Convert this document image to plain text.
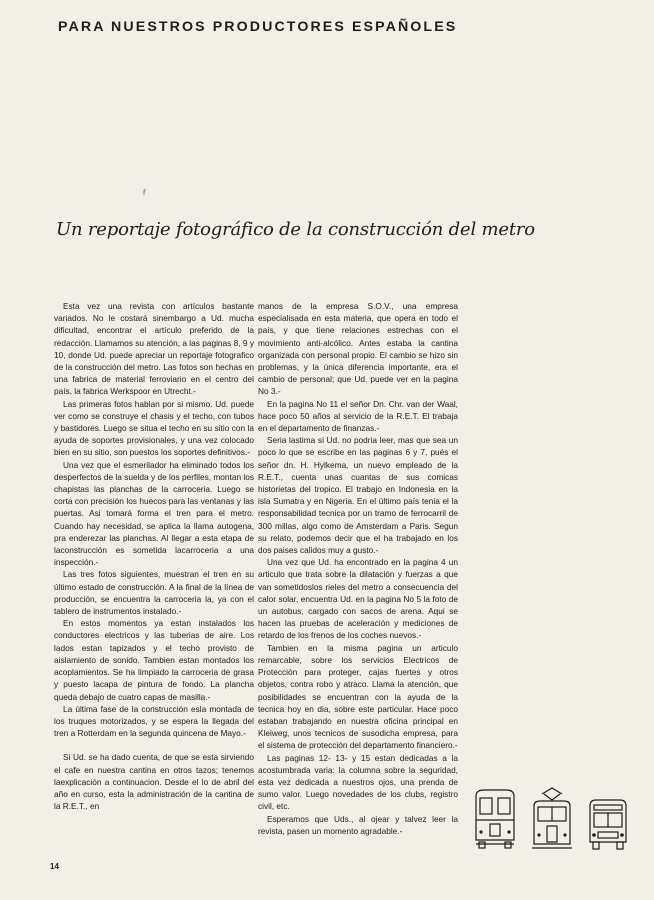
PARA NUESTROS PRODUCTORES ESPAÑOLES
ŕ
Un reportaje fotográfico de la construcción del metro

Esta vez una revista con artículos bastante variados. No le costará sinembargo a Ud. mucha dificultad, encontrar el artículo preferido de la redacción. Llamamos su atención, a las paginas 8, 9 y 10, donde Ud. puede apreciar un reportaje fotografico de la construcción del metro. Las fotos son hechas en una fabrica de material ferroviario en el centro del país, la fabrica Werkspoor en Utrecht.-

Las primeras fotos hablan por si mismo. Ud. puede ver como se construye el chasis y el techo, con tubos y bastidores. Luego se situa el techo en su sitio con la ayuda de soportes provisionales, y una vez colocado bien en su sitio, son puestos los soportes definitivos.-

Una vez que el esmerilador ha eliminado todos los desperfectos de la suelda y de los perfiles, montan los chapistas las planchas de la carroceria. Luego se corta con precisión los huecos para las ventanas y las puertas. Asi tomará forma el tren para el metro. Cuando hay necesidad, se aplica la llama autogena, pra enderezar las planchas. Al llegar a esta etapa de laconstrucción es sometida lacarroceria a una inspección.-

Las tres fotos siguientes, muestran el tren en su último estado de construcción. A la final de la línea de producción, se encuentra la carroceria la, ya con el tablero de instrumentos instalado.-

En estos momentos ya estan instalados los conductores electricos y las tuberias de aire. Los lados estan tapizados y el techo provisto de aislamiento de sonido. Tambien estan montados los acoplamientos. Se ha limpiado la carroceria de grasa y puesto lacapa de pintura de fondo. La plancha queda debajo de cuatro capas de masilla.-

La última fase de la construcción esla montada de los truques motorizados, y se espera la llegada del tren a Rotterdam en la segunda quincena de Mayo.-

Si Ud. se ha dado cuenta, de que se esta sirviendo el cafe en nuestra cantina en otros tazos; tenemos laexplicación a continuacion. Desde el lo de abril del año en curso, esta la administración de la cantina de la R.E.T., en

manos de la empresa S.O.V., una empresa especialisada en esta materia, que opera en todo el país, y que tiene relaciones estrechas con el movimiento anti-alcólico. Antes estaba la cantina organizada con personal propio. El cambio se hizo sin problemas, y la única diferencia importante, era el cambio de personal; que Ud. puede ver en la pagina No 3.-

En la pagina No 11 el señor Dn. Chr. van der Waal, hace poco 50 años al servicio de la R.E.T. El trabaja en el departamento de finanzas.-

Seria lastima si Ud. no podria leer, mas que sea un poco lo que se escribe en las paginas 6 y 7, pués el señor dn. H. Hylkema, un nuevo empleado de la R.E.T., cuenta unas cuantas de sus comicas historietas del tropico. El trabajo en Indonesia en la isla Sumatra y en Nigeria. En el último país tenia el la responsabilidad tecnica por un tramo de ferrocarril de 300 millas, algo como de Amsterdam a Paris. Segun su relato, podemos decir que el ha trabajado en los dos paises calidos muy a gusto.-

Una vez que Ud. ha encontrado en la pagina 4 un articulo que trata sobre la dilatación y fuerzas a que van sometidoslos rieles del metro a consecuencia del calor solar, encuentra Ud. en la pagina No 5 la foto de un autobus, cargado con sacos de arena. Aqui se hacen las pruebas de aceleración y mediciones de retardo de los frenos de los coches nuevos.-

Tambien en la misma pagina un articulo remarcable, sobre los servicios Electricos de Protección para proteger, cajas fuertes y otros objetos, contra robo y atraco. Llama la atención, que posibilidades se encuentran con la ayuda de la tecnica hoy en dia, sobre este particular. Hace poco estaban trabajando en nuestra oficina principal en Kleiweg, unos tecnicos de susodicha empresa, para el sistema de protección del departamento financiero.-

Las paginas 12- 13- y 15 estan dedicadas a la acostumbrada varia: la columna sobre la seguridad, esta vez dedicada a nuestros ojos, una prenda de sumo valor. Luego novedades de los clubs, registro civil, etc.

Esperamos que Uds., al ojear y talvez leer la revista, pasen un momento agradable.-

14
